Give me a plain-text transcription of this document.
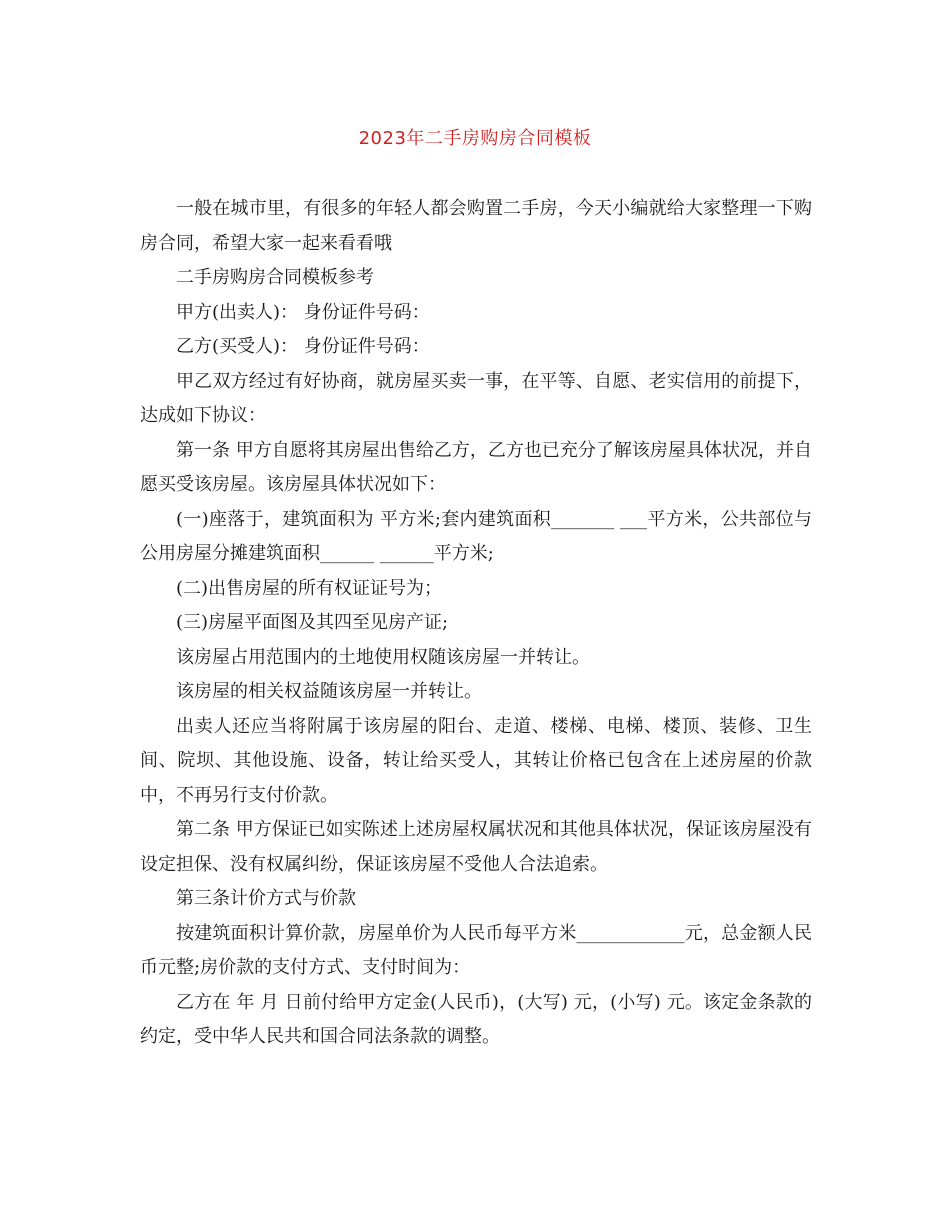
2023年二手房购房合同模板

一般在城市里，有很多的年轻人都会购置二手房，今天小编就给大家整理一下购房合同，希望大家一起来看看哦

二手房购房合同模板参考

甲方(出卖人)： 身份证件号码：

乙方(买受人)： 身份证件号码：

甲乙双方经过有好协商，就房屋买卖一事，在平等、自愿、老实信用的前提下，达成如下协议：

第一条 甲方自愿将其房屋出售给乙方，乙方也已充分了解该房屋具体状况，并自愿买受该房屋。该房屋具体状况如下：

(一)座落于，建筑面积为 平方米;套内建筑面积_______ ___平方米，公共部位与公用房屋分摊建筑面积______ ______平方米;

(二)出售房屋的所有权证证号为；

(三)房屋平面图及其四至见房产证;

该房屋占用范围内的土地使用权随该房屋一并转让。

该房屋的相关权益随该房屋一并转让。

出卖人还应当将附属于该房屋的阳台、走道、楼梯、电梯、楼顶、装修、卫生间、院坝、其他设施、设备，转让给买受人，其转让价格已包含在上述房屋的价款中，不再另行支付价款。

第二条 甲方保证已如实陈述上述房屋权属状况和其他具体状况，保证该房屋没有设定担保、没有权属纠纷，保证该房屋不受他人合法追索。

第三条计价方式与价款

按建筑面积计算价款，房屋单价为人民币每平方米____________元，总金额人民币元整;房价款的支付方式、支付时间为：

乙方在 年 月 日前付给甲方定金(人民币)，(大写) 元，(小写) 元。该定金条款的约定，受中华人民共和国合同法条款的调整。
